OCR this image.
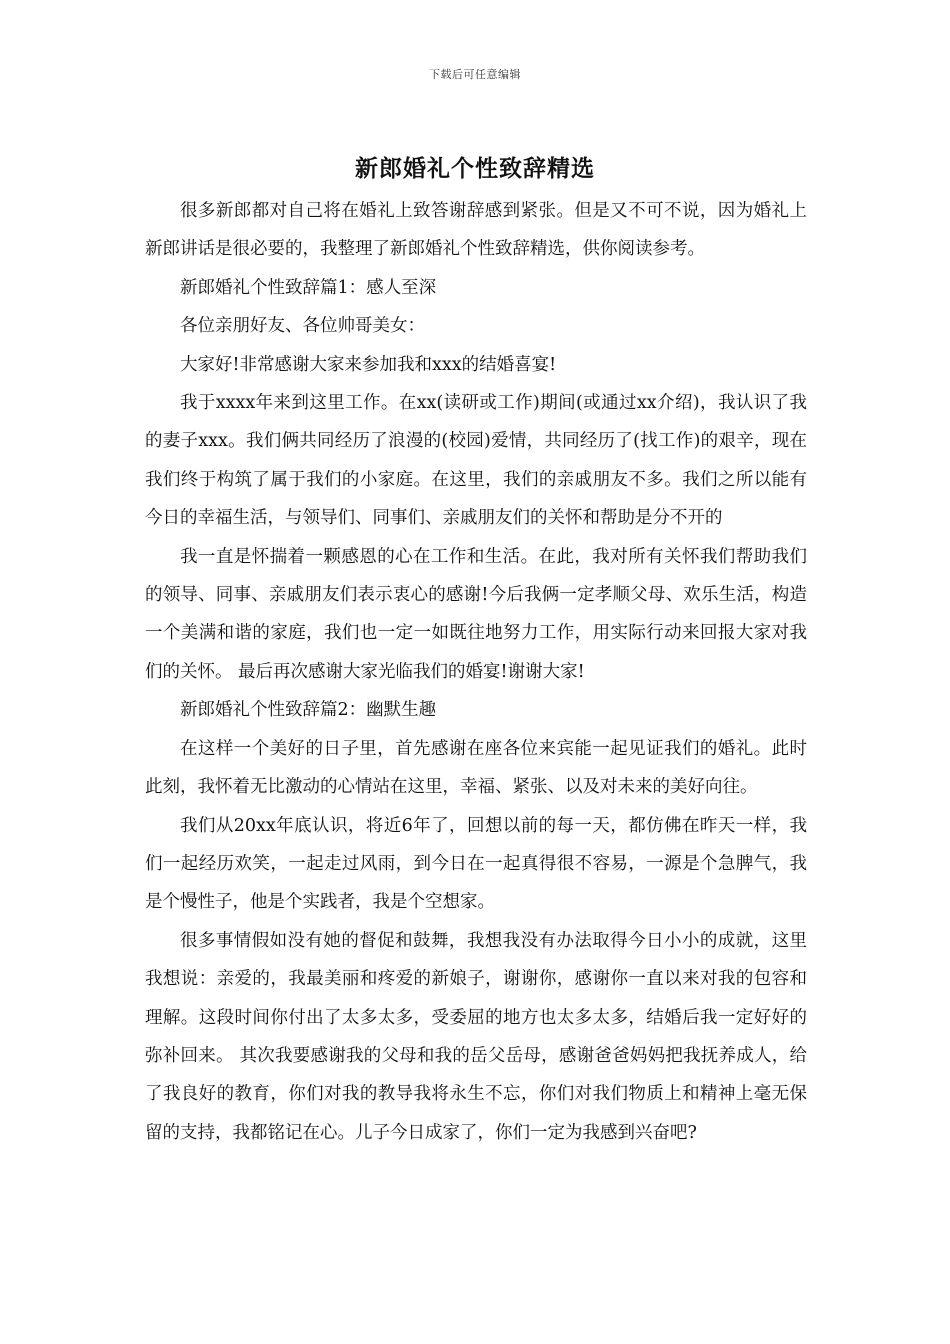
下载后可任意编辑
新郎婚礼个性致辞精选

很多新郎都对自己将在婚礼上致答谢辞感到紧张。但是又不可不说，因为婚礼上新郎讲话是很必要的，我整理了新郎婚礼个性致辞精选，供你阅读参考。

新郎婚礼个性致辞篇1：感人至深

各位亲朋好友、各位帅哥美女：

大家好!非常感谢大家来参加我和xxx的结婚喜宴!

我于xxxx年来到这里工作。在xx(读研或工作)期间(或通过xx介绍)，我认识了我的妻子xxx。我们俩共同经历了浪漫的(校园)爱情，共同经历了(找工作)的艰辛，现在我们终于构筑了属于我们的小家庭。在这里，我们的亲戚朋友不多。我们之所以能有今日的幸福生活，与领导们、同事们、亲戚朋友们的关怀和帮助是分不开的

我一直是怀揣着一颗感恩的心在工作和生活。在此，我对所有关怀我们帮助我们的领导、同事、亲戚朋友们表示衷心的感谢!今后我俩一定孝顺父母、欢乐生活，构造一个美满和谐的家庭，我们也一定一如既往地努力工作，用实际行动来回报大家对我们的关怀。 最后再次感谢大家光临我们的婚宴!谢谢大家!

新郎婚礼个性致辞篇2：幽默生趣

在这样一个美好的日子里，首先感谢在座各位来宾能一起见证我们的婚礼。此时此刻，我怀着无比激动的心情站在这里，幸福、紧张、以及对未来的美好向往。

我们从20xx年底认识，将近6年了，回想以前的每一天，都仿佛在昨天一样，我们一起经历欢笑，一起走过风雨，到今日在一起真得很不容易，一源是个急脾气，我是个慢性子，他是个实践者，我是个空想家。

很多事情假如没有她的督促和鼓舞，我想我没有办法取得今日小小的成就，这里我想说：亲爱的，我最美丽和疼爱的新娘子，谢谢你，感谢你一直以来对我的包容和理解。这段时间你付出了太多太多，受委屈的地方也太多太多，结婚后我一定好好的弥补回来。 其次我要感谢我的父母和我的岳父岳母，感谢爸爸妈妈把我抚养成人，给了我良好的教育，你们对我的教导我将永生不忘，你们对我们物质上和精神上毫无保留的支持，我都铭记在心。儿子今日成家了，你们一定为我感到兴奋吧?
